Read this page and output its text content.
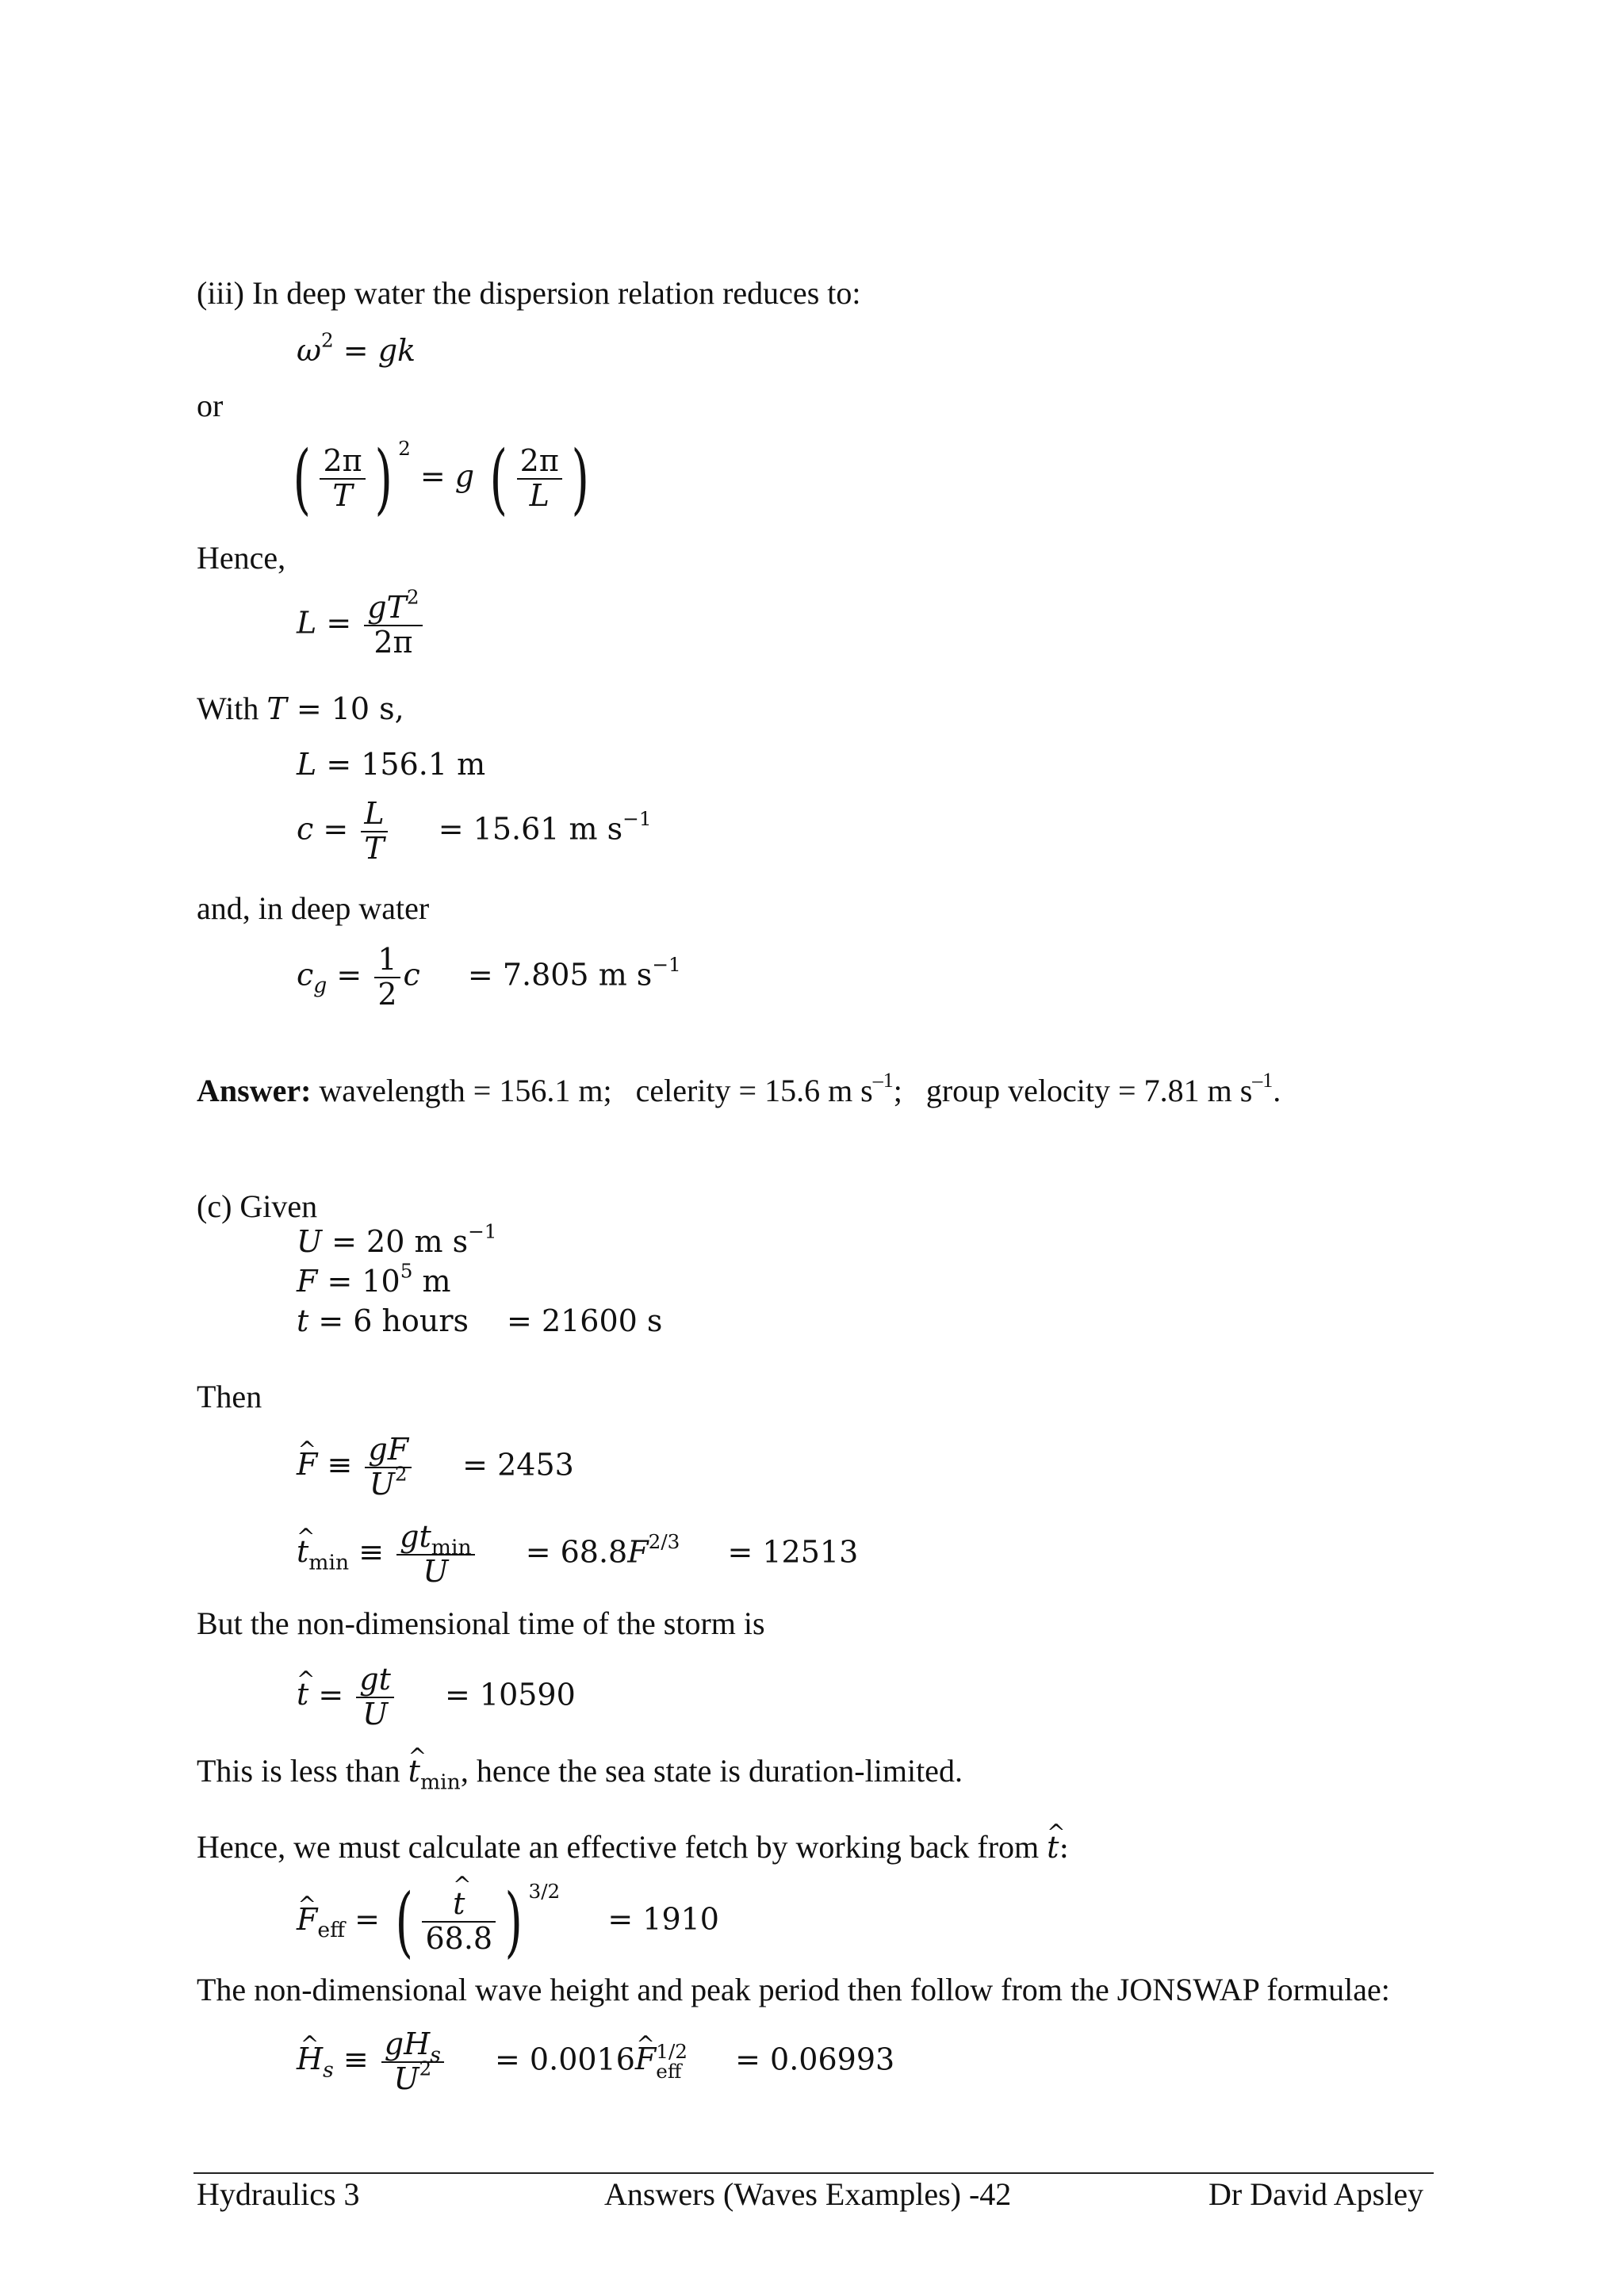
(iii) In deep water the dispersion relation reduces to:
$\omega^2$ = gk
or
( $\frac{2\pi}{T}$ ) $^2$ = g ( $\frac{2\pi}{L}$ )
Hence,
$L = \frac{gT^2}{2\pi}$
With T = 10 s,
L = 156.1 m
$c = \frac{L}{T} = 15.61$ m $s^{-1}$
and, in deep water
$c_g = \frac{1}{2}$ c = 7.805 m $s^{-1}$
Answer: wavelength = 156.1 m;   celerity = 15.6 m $s^{-1}$;   group velocity = 7.81 m $s^{-1}$.
(c) Given
U = 20 m $s^{-1}$
$F = 10^5$ m
t = 6 hours = 21600 s
Then
^ $F \equiv \frac{gF}{U^2} = 2453$
^ $t_{min} \equiv \frac{gt_{min}}{U} = 68.8F^{2/3} = 12513$
But the non-dimensional time of the storm is
^ $t = \frac{gt}{U} = 10590$
This is less than ^ $t_{min}$, hence the sea state is duration-limited.
Hence, we must calculate an effective fetch by working back from ^ t:
^ $F_{eff}$ = (
^ $\frac{t}{68.8}$ ) $^{3/2}$ = 1910
The non-dimensional wave height and peak period then follow from the JONSWAP formulae:
^ $H_s \equiv \frac{gH_s}{U^2}$ = 0.0016^ F 1/2
eff = 0.06993
Hydraulics 3	Answers (Waves Examples) -42	Dr David Apsley
